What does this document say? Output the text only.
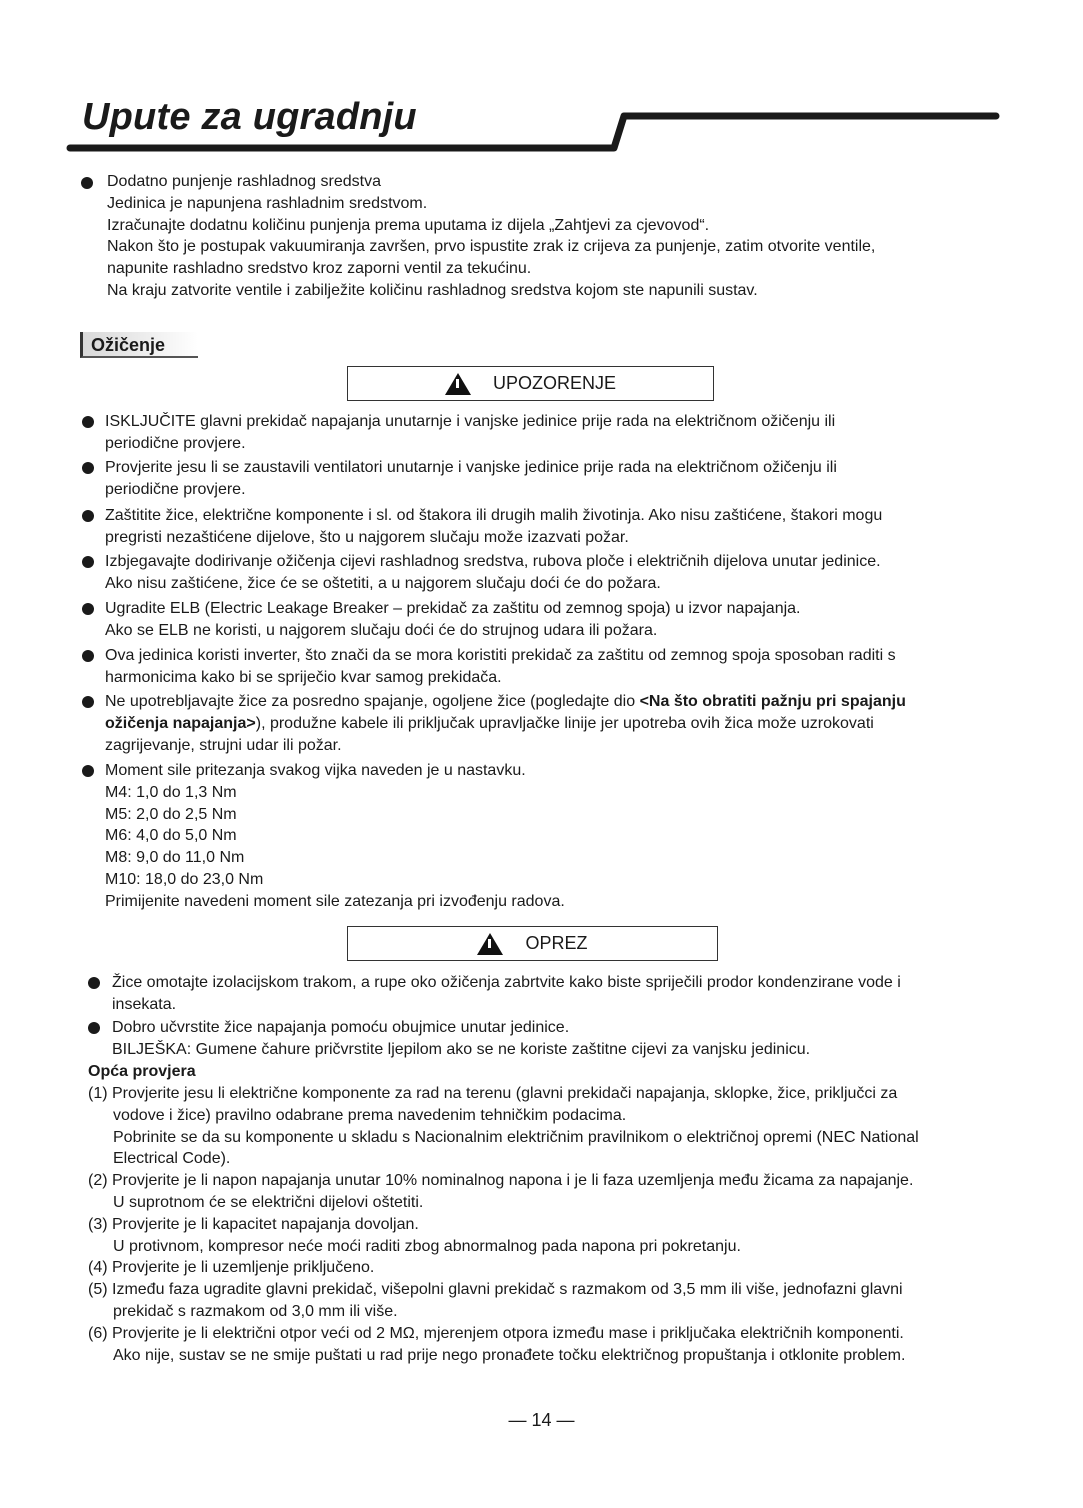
Upute za ugradnju
Dodatno punjenje rashladnog sredstva
Jedinica je napunjena rashladnim sredstvom.
Izračunajte dodatnu količinu punjenja prema uputama iz dijela „Zahtjevi za cjevovod“.
Nakon što je postupak vakuumiranja završen, prvo ispustite zrak iz crijeva za punjenje, zatim otvorite ventile,
napunite rashladno sredstvo kroz zaporni ventil za tekućinu.
Na kraju zatvorite ventile i zabilježite količinu rashladnog sredstva kojom ste napunili sustav.
Ožičenje
UPOZORENJE
ISKLJUČITE glavni prekidač napajanja unutarnje i vanjske jedinice prije rada na električnom ožičenju ili
periodične provjere.
Provjerite jesu li se zaustavili ventilatori unutarnje i vanjske jedinice prije rada na električnom ožičenju ili
periodične provjere.
Zaštitite žice, električne komponente i sl. od štakora ili drugih malih životinja. Ako nisu zaštićene, štakori mogu
pregristi nezaštićene dijelove, što u najgorem slučaju može izazvati požar.
Izbjegavajte dodirivanje ožičenja cijevi rashladnog sredstva, rubova ploče i električnih dijelova unutar jedinice.
Ako nisu zaštićene, žice će se oštetiti, a u najgorem slučaju doći će do požara.
Ugradite ELB (Electric Leakage Breaker – prekidač za zaštitu od zemnog spoja) u izvor napajanja.
Ako se ELB ne koristi, u najgorem slučaju doći će do strujnog udara ili požara.
Ova jedinica koristi inverter, što znači da se mora koristiti prekidač za zaštitu od zemnog spoja sposoban raditi s
harmonicima kako bi se spriječio kvar samog prekidača.
Ne upotrebljavajte žice za posredno spajanje, ogoljene žice (pogledajte dio <Na što obratiti pažnju pri spajanju
ožičenja napajanja>), produžne kabele ili priključak upravljačke linije jer upotreba ovih žica može uzrokovati
zagrijevanje, strujni udar ili požar.
Moment sile pritezanja svakog vijka naveden je u nastavku.
M4: 1,0 do 1,3 Nm
M5: 2,0 do 2,5 Nm
M6: 4,0 do 5,0 Nm
M8: 9,0 do 11,0 Nm
M10: 18,0 do 23,0 Nm
Primijenite navedeni moment sile zatezanja pri izvođenju radova.
OPREZ
Žice omotajte izolacijskom trakom, a rupe oko ožičenja zabrtvite kako biste spriječili prodor kondenzirane vode i
insekata.
Dobro učvrstite žice napajanja pomoću obujmice unutar jedinice.
BILJEŠKA: Gumene čahure pričvrstite ljepilom ako se ne koriste zaštitne cijevi za vanjsku jedinicu.
Opća provjera
(1) Provjerite jesu li električne komponente za rad na terenu (glavni prekidači napajanja, sklopke, žice, priključci za
vodove i žice) pravilno odabrane prema navedenim tehničkim podacima.
Pobrinite se da su komponente u skladu s Nacionalnim električnim pravilnikom o električnoj opremi (NEC National
Electrical Code).
(2) Provjerite je li napon napajanja unutar 10% nominalnog napona i je li faza uzemljenja među žicama za napajanje.
U suprotnom će se električni dijelovi oštetiti.
(3) Provjerite je li kapacitet napajanja dovoljan.
U protivnom, kompresor neće moći raditi zbog abnormalnog pada napona pri pokretanju.
(4) Provjerite je li uzemljenje priključeno.
(5) Između faza ugradite glavni prekidač, višepolni glavni prekidač s razmakom od 3,5 mm ili više, jednofazni glavni
prekidač s razmakom od 3,0 mm ili više.
(6) Provjerite je li električni otpor veći od 2 MΩ, mjerenjem otpora između mase i priključaka električnih komponenti.
Ako nije, sustav se ne smije puštati u rad prije nego pronađete točku električnog propuštanja i otklonite problem.
— 14 —
